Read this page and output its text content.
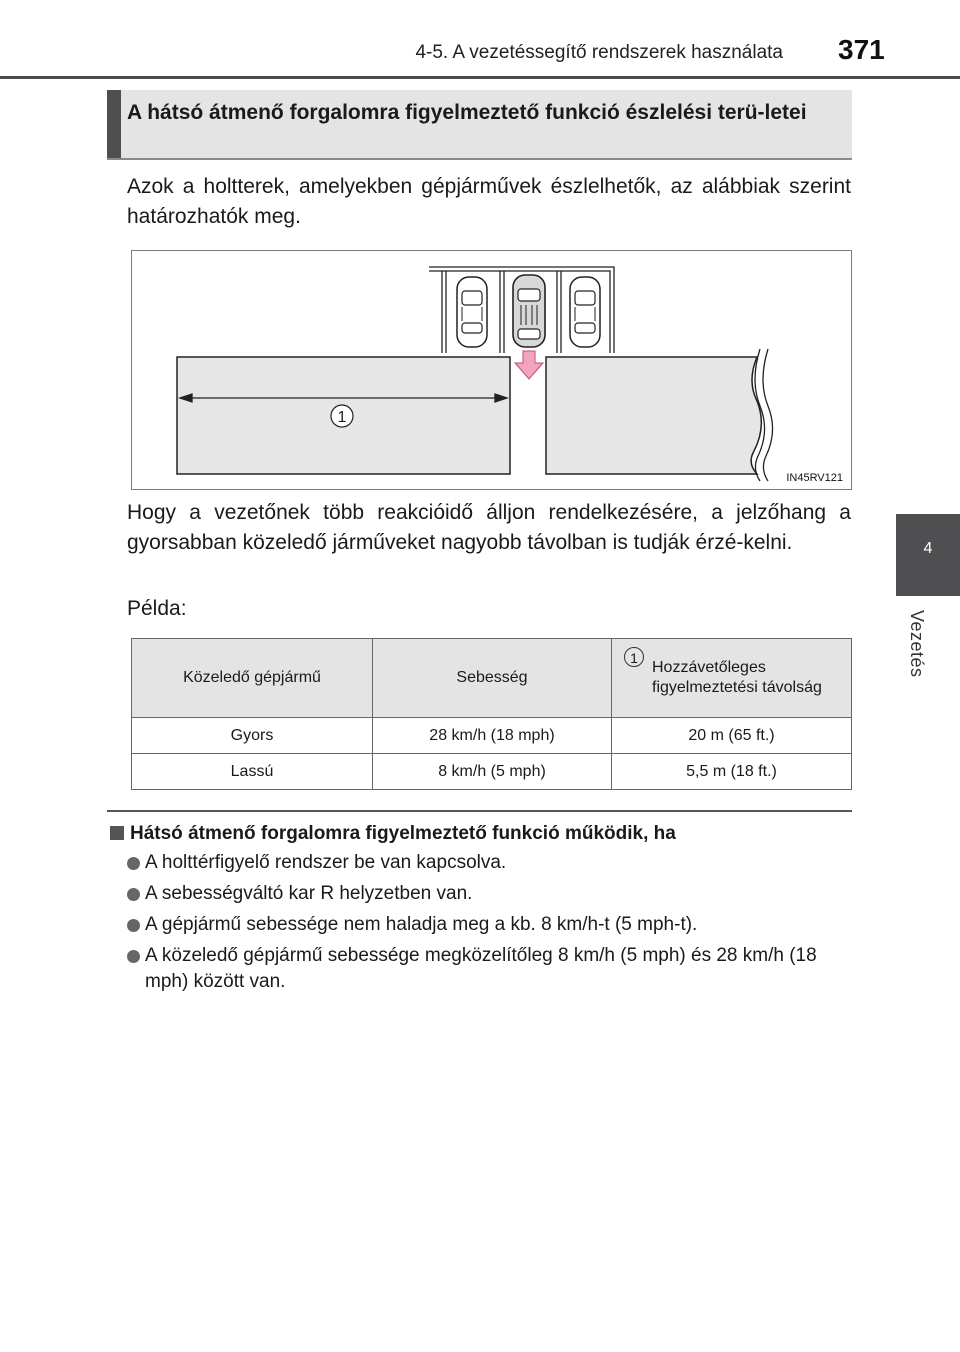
4-5. A vezetéssegítő rendszerek használata 371
4
Vezetés
A hátsó átmenő forgalomra figyelmeztető funkció észlelési terü-letei

Azok a holtterek, amelyekben gépjárművek észlelhetők, az alábbiak szerint határozhatók meg.

1
IN45RV121

Hogy a vezetőnek több reakcióidő álljon rendelkezésére, a jelzőhang a gyorsabban közeledő járműveket nagyobb távolban is tudják érzé-kelni.

Példa:

Közeledő gépjármű	Sebesség	1
Hozzávetőleges figyelmeztetési távolság

Gyors	28 km/h (18 mph)	20 m (65 ft.)
Lassú	8 km/h (5 mph)	5,5 m (18 ft.)
Hátsó átmenő forgalomra figyelmeztető funkció működik, ha
A holttérfigyelő rendszer be van kapcsolva.
A sebességváltó kar R helyzetben van.
A gépjármű sebessége nem haladja meg a kb. 8 km/h-t (5 mph-t).
A közeledő gépjármű sebessége megközelítőleg 8 km/h (5 mph) és 28 km/h (18 mph) között van.
